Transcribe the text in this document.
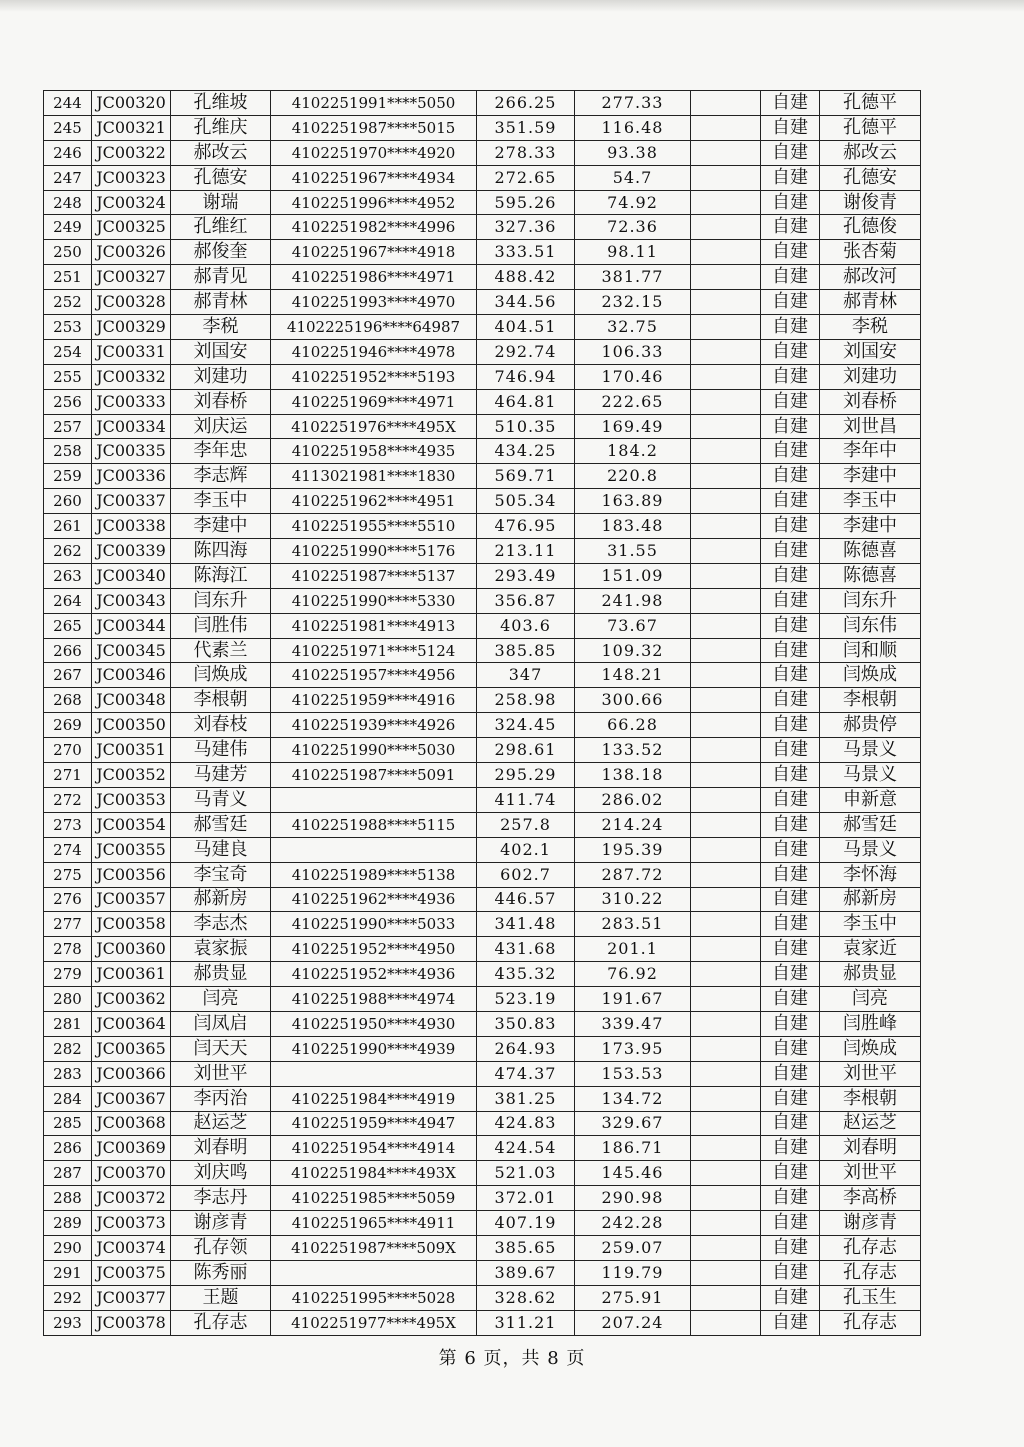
244	JC00320	孔维坡	4102251991****5050	266.25	277.33		自建	孔德平
245	JC00321	孔维庆	4102251987****5015	351.59	116.48		自建	孔德平
246	JC00322	郝改云	4102251970****4920	278.33	93.38		自建	郝改云
247	JC00323	孔德安	4102251967****4934	272.65	54.7		自建	孔德安
248	JC00324	谢瑞	4102251996****4952	595.26	74.92		自建	谢俊青
249	JC00325	孔维红	4102251982****4996	327.36	72.36		自建	孔德俊
250	JC00326	郝俊奎	4102251967****4918	333.51	98.11		自建	张杏菊
251	JC00327	郝青见	4102251986****4971	488.42	381.77		自建	郝改河
252	JC00328	郝青林	4102251993****4970	344.56	232.15		自建	郝青林
253	JC00329	李税	4102225196****64987	404.51	32.75		自建	李税
254	JC00331	刘国安	4102251946****4978	292.74	106.33		自建	刘国安
255	JC00332	刘建功	4102251952****5193	746.94	170.46		自建	刘建功
256	JC00333	刘春桥	4102251969****4971	464.81	222.65		自建	刘春桥
257	JC00334	刘庆运	4102251976****495X	510.35	169.49		自建	刘世昌
258	JC00335	李年忠	4102251958****4935	434.25	184.2		自建	李年中
259	JC00336	李志辉	4113021981****1830	569.71	220.8		自建	李建中
260	JC00337	李玉中	4102251962****4951	505.34	163.89		自建	李玉中
261	JC00338	李建中	4102251955****5510	476.95	183.48		自建	李建中
262	JC00339	陈四海	4102251990****5176	213.11	31.55		自建	陈德喜
263	JC00340	陈海江	4102251987****5137	293.49	151.09		自建	陈德喜
264	JC00343	闫东升	4102251990****5330	356.87	241.98		自建	闫东升
265	JC00344	闫胜伟	4102251981****4913	403.6	73.67		自建	闫东伟
266	JC00345	代素兰	4102251971****5124	385.85	109.32		自建	闫和顺
267	JC00346	闫焕成	4102251957****4956	347	148.21		自建	闫焕成
268	JC00348	李根朝	4102251959****4916	258.98	300.66		自建	李根朝
269	JC00350	刘春枝	4102251939****4926	324.45	66.28		自建	郝贵停
270	JC00351	马建伟	4102251990****5030	298.61	133.52		自建	马景义
271	JC00352	马建芳	4102251987****5091	295.29	138.18		自建	马景义
272	JC00353	马青义		411.74	286.02		自建	申新意
273	JC00354	郝雪廷	4102251988****5115	257.8	214.24		自建	郝雪廷
274	JC00355	马建良		402.1	195.39		自建	马景义
275	JC00356	李宝奇	4102251989****5138	602.7	287.72		自建	李怀海
276	JC00357	郝新房	4102251962****4936	446.57	310.22		自建	郝新房
277	JC00358	李志杰	4102251990****5033	341.48	283.51		自建	李玉中
278	JC00360	袁家振	4102251952****4950	431.68	201.1		自建	袁家近
279	JC00361	郝贵显	4102251952****4936	435.32	76.92		自建	郝贵显
280	JC00362	闫亮	4102251988****4974	523.19	191.67		自建	闫亮
281	JC00364	闫凤启	4102251950****4930	350.83	339.47		自建	闫胜峰
282	JC00365	闫天天	4102251990****4939	264.93	173.95		自建	闫焕成
283	JC00366	刘世平		474.37	153.53		自建	刘世平
284	JC00367	李丙治	4102251984****4919	381.25	134.72		自建	李根朝
285	JC00368	赵运芝	4102251959****4947	424.83	329.67		自建	赵运芝
286	JC00369	刘春明	4102251954****4914	424.54	186.71		自建	刘春明
287	JC00370	刘庆鸣	4102251984****493X	521.03	145.46		自建	刘世平
288	JC00372	李志丹	4102251985****5059	372.01	290.98		自建	李高桥
289	JC00373	谢彦青	4102251965****4911	407.19	242.28		自建	谢彦青
290	JC00374	孔存领	4102251987****509X	385.65	259.07		自建	孔存志
291	JC00375	陈秀丽		389.67	119.79		自建	孔存志
292	JC00377	王题	4102251995****5028	328.62	275.91		自建	孔玉生
293	JC00378	孔存志	4102251977****495X	311.21	207.24		自建	孔存志
第 6 页，共 8 页
